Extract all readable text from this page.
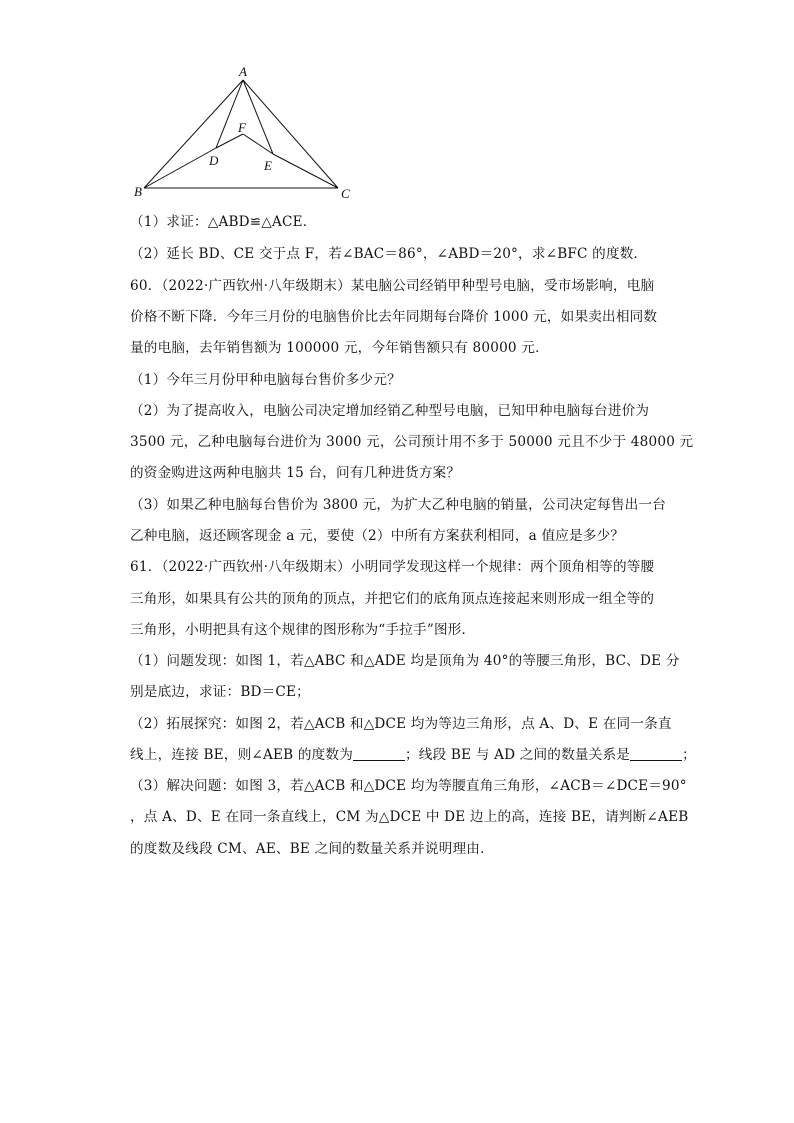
A
B	C
D	E
F
（1）求证：△ABD≌△ACE．
（2）延长 BD、CE 交于点 F，若∠BAC＝86°，∠ABD＝20°，求∠BFC 的度数．
60．（2022·广西钦州·八年级期末）某电脑公司经销甲种型号电脑，受市场影响，电脑
价格不断下降．今年三月份的电脑售价比去年同期每台降价 1000 元，如果卖出相同数
量的电脑，去年销售额为 100000 元，今年销售额只有 80000 元．
（1）今年三月份甲种电脑每台售价多少元？
（2）为了提高收入，电脑公司决定增加经销乙种型号电脑，已知甲种电脑每台进价为
3500 元，乙种电脑每台进价为 3000 元，公司预计用不多于 50000 元且不少于 48000 元
的资金购进这两种电脑共 15 台，问有几种进货方案？
（3）如果乙种电脑每台售价为 3800 元，为扩大乙种电脑的销量，公司决定每售出一台
乙种电脑，返还顾客现金 a 元，要使（2）中所有方案获利相同，a 值应是多少？
61．（2022·广西钦州·八年级期末）小明同学发现这样一个规律：两个顶角相等的等腰
三角形，如果具有公共的顶角的顶点，并把它们的底角顶点连接起来则形成一组全等的
三角形，小明把具有这个规律的图形称为“手拉手”图形．
（1）问题发现：如图 1，若△ABC 和△ADE 均是顶角为 40°的等腰三角形，BC、DE 分
别是底边，求证：BD＝CE；
（2）拓展探究：如图 2，若△ACB 和△DCE 均为等边三角形，点 A、D、E 在同一条直
线上，连接 BE，则∠AEB 的度数为	；线段 BE 与 AD 之间的数量关系是	；
（3）解决问题：如图 3，若△ACB 和△DCE 均为等腰直角三角形，∠ACB＝∠DCE＝90°
，点 A、D、E 在同一条直线上，CM 为△DCE 中 DE 边上的高，连接 BE，请判断∠AEB
的度数及线段 CM、AE、BE 之间的数量关系并说明理由．
